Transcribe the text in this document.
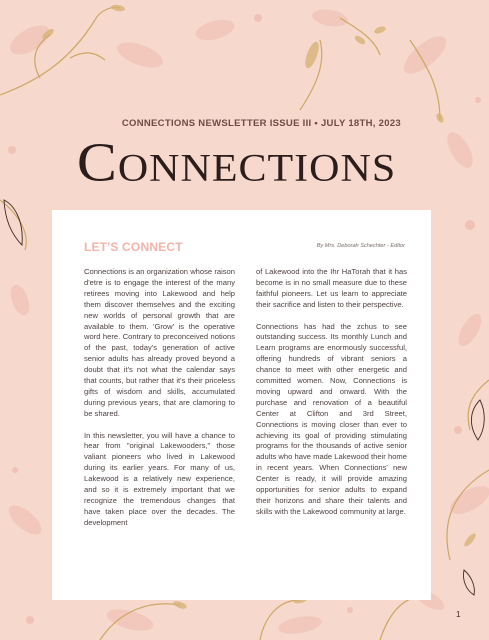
CONNECTIONS NEWSLETTER ISSUE III • JULY 18TH, 2023
Connections
LET'S CONNECT	By Mrs. Deborah Schechter - Editor

Connections is an organization whose raison d'etre is to engage the interest of the many retirees moving into Lakewood and help them discover themselves and the exciting new worlds of personal growth that are available to them. 'Grow' is the operative word here. Contrary to preconceived notions of the past, today's generation of active senior adults has already proved beyond a doubt that it's not what the calendar says that counts, but rather that it's their priceless gifts of wisdom and skills, accumulated during previous years, that are clamoring to be shared.

In this newsletter, you will have a chance to hear from "original Lakewooders," those valiant pioneers who lived in Lakewood during its earlier years. For many of us, Lakewood is a relatively new experience, and so it is extremely important that we recognize the tremendous changes that have taken place over the decades. The development

of Lakewood into the Ihr HaTorah that it has become is in no small measure due to these faithful pioneers. Let us learn to appreciate their sacrifice and listen to their perspective.

Connections has had the zchus to see outstanding success. Its monthly Lunch and Learn programs are enormously successful, offering hundreds of vibrant seniors a chance to meet with other energetic and committed women. Now, Connections is moving upward and onward. With the purchase and renovation of a beautiful Center at Clifton and 3rd Street, Connections is moving closer than ever to achieving its goal of providing stimulating programs for the thousands of active senior adults who have made Lakewood their home in recent years. When Connections' new Center is ready, it will provide amazing opportunities for senior adults to expand their horizons and share their talents and skills with the Lakewood community at large.

1
